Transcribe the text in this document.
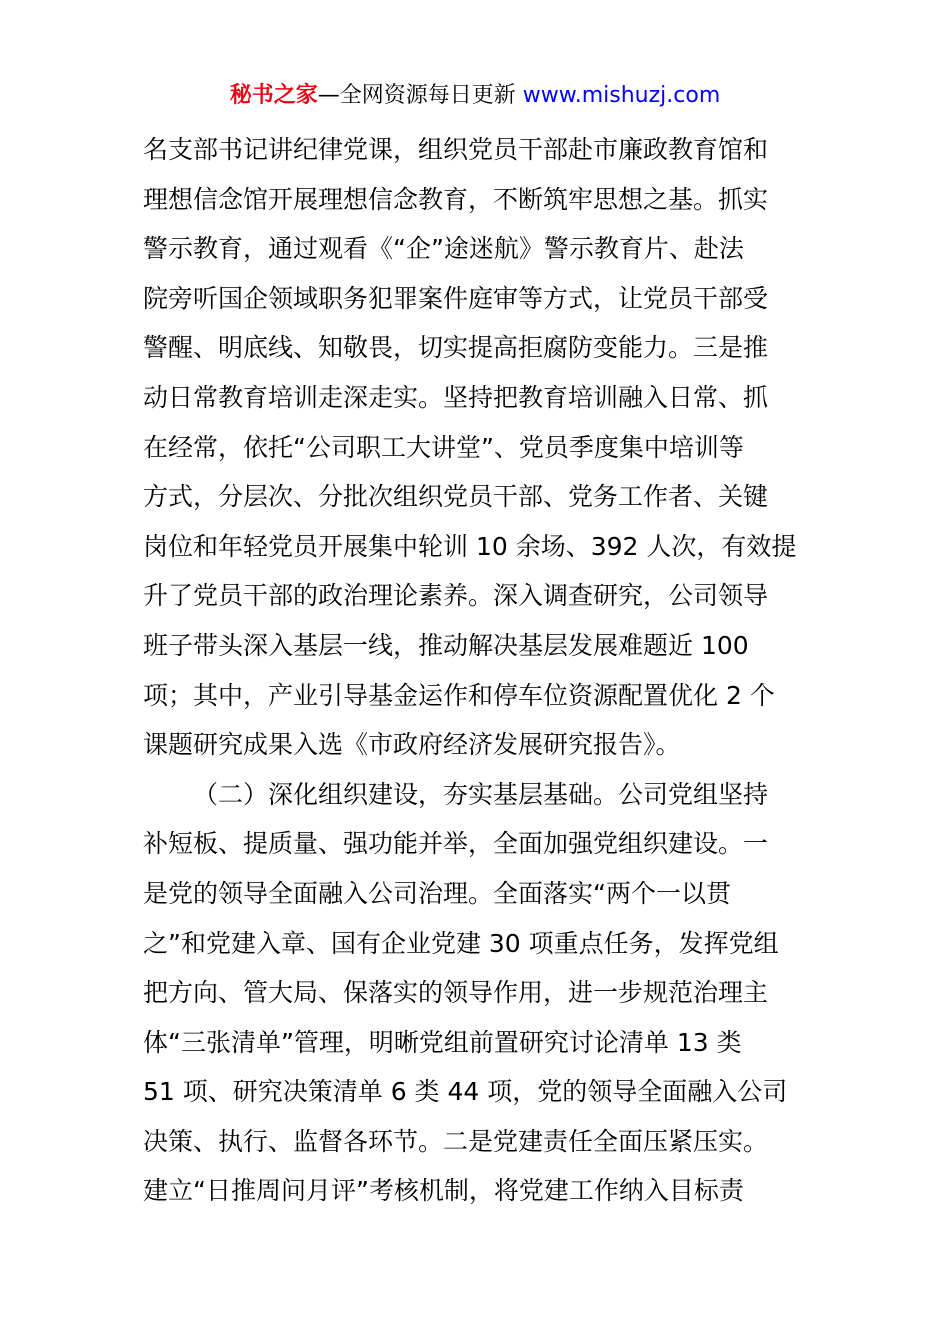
秘书之家—全网资源每日更新 www.mishuzj.com
名支部书记讲纪律党课，组织党员干部赴市廉政教育馆和
理想信念馆开展理想信念教育，不断筑牢思想之基。抓实
警示教育，通过观看《“企”途迷航》警示教育片、赴法
院旁听国企领域职务犯罪案件庭审等方式，让党员干部受
警醒、明底线、知敬畏，切实提高拒腐防变能力。三是推
动日常教育培训走深走实。坚持把教育培训融入日常、抓
在经常，依托“公司职工大讲堂”、党员季度集中培训等
方式，分层次、分批次组织党员干部、党务工作者、关键
岗位和年轻党员开展集中轮训 10 余场、392 人次，有效提
升了党员干部的政治理论素养。深入调查研究，公司领导
班子带头深入基层一线，推动解决基层发展难题近 100
项；其中，产业引导基金运作和停车位资源配置优化 2 个
课题研究成果入选《市政府经济发展研究报告》。
（二）深化组织建设，夯实基层基础。公司党组坚持
补短板、提质量、强功能并举，全面加强党组织建设。一
是党的领导全面融入公司治理。全面落实“两个一以贯
之”和党建入章、国有企业党建 30 项重点任务，发挥党组
把方向、管大局、保落实的领导作用，进一步规范治理主
体“三张清单”管理，明晰党组前置研究讨论清单 13 类
51 项、研究决策清单 6 类 44 项，党的领导全面融入公司
决策、执行、监督各环节。二是党建责任全面压紧压实。
建立“日推周问月评”考核机制，将党建工作纳入目标责
